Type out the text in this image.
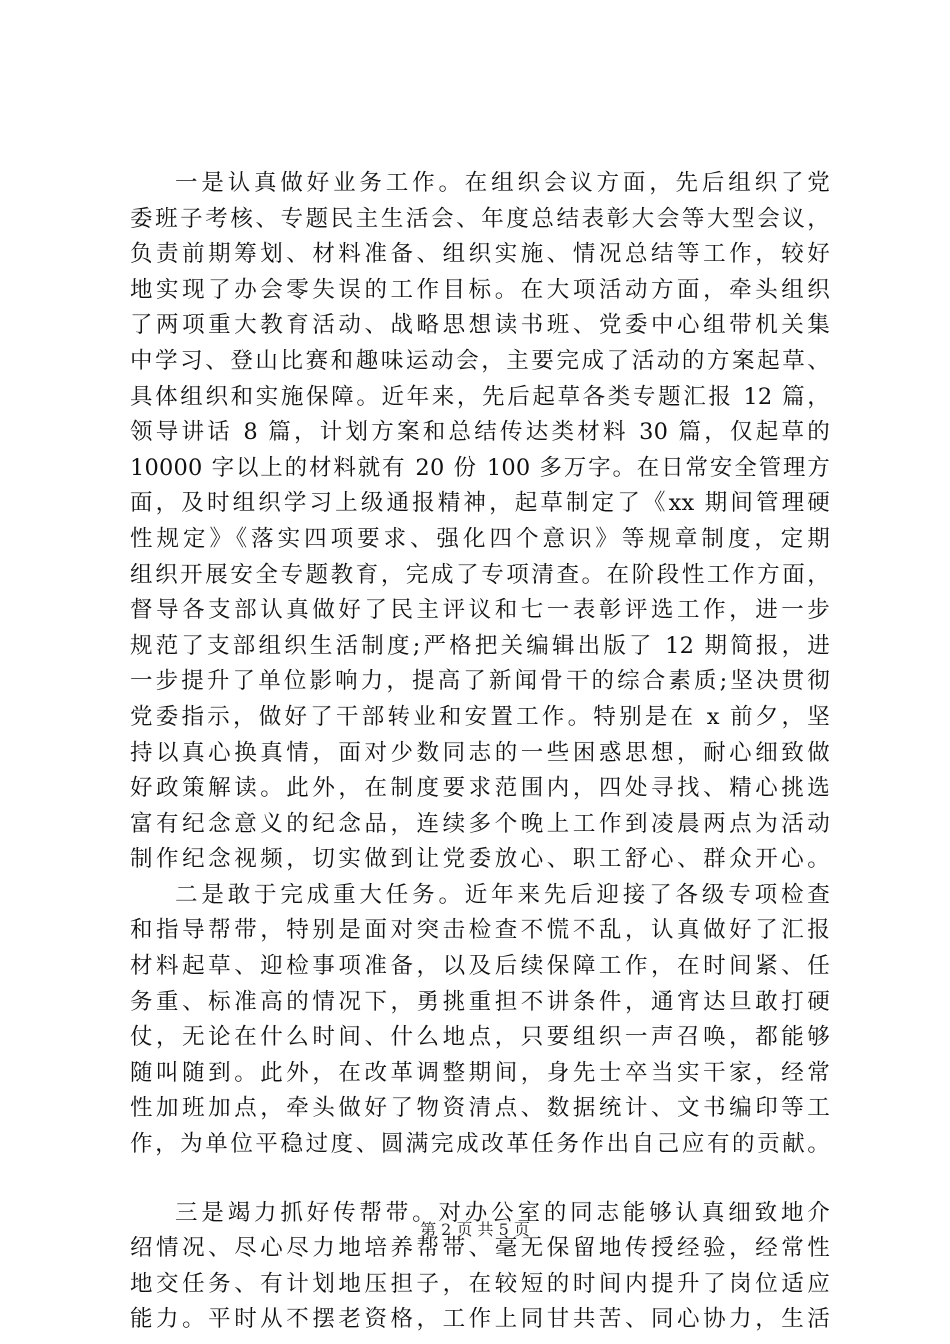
一是认真做好业务工作。在组织会议方面，先后组织了党
委班子考核、专题民主生活会、年度总结表彰大会等大型会议，
负责前期筹划、材料准备、组织实施、情况总结等工作，较好
地实现了办会零失误的工作目标。在大项活动方面，牵头组织
了两项重大教育活动、战略思想读书班、党委中心组带机关集
中学习、登山比赛和趣味运动会，主要完成了活动的方案起草、
具体组织和实施保障。近年来，先后起草各类专题汇报 12 篇，
领导讲话 8 篇，计划方案和总结传达类材料 30 篇，仅起草的
10000 字以上的材料就有 20 份 100 多万字。在日常安全管理方
面，及时组织学习上级通报精神，起草制定了《xx 期间管理硬
性规定》《落实四项要求、强化四个意识》等规章制度，定期
组织开展安全专题教育，完成了专项清查。在阶段性工作方面，
督导各支部认真做好了民主评议和七一表彰评选工作，进一步
规范了支部组织生活制度;严格把关编辑出版了 12 期简报，进
一步提升了单位影响力，提高了新闻骨干的综合素质;坚决贯彻
党委指示，做好了干部转业和安置工作。特别是在 x 前夕，坚
持以真心换真情，面对少数同志的一些困惑思想，耐心细致做
好政策解读。此外，在制度要求范围内，四处寻找、精心挑选
富有纪念意义的纪念品，连续多个晚上工作到凌晨两点为活动
制作纪念视频，切实做到让党委放心、职工舒心、群众开心。
二是敢于完成重大任务。近年来先后迎接了各级专项检查
和指导帮带，特别是面对突击检查不慌不乱，认真做好了汇报
材料起草、迎检事项准备，以及后续保障工作，在时间紧、任
务重、标准高的情况下，勇挑重担不讲条件，通宵达旦敢打硬
仗，无论在什么时间、什么地点，只要组织一声召唤，都能够
随叫随到。此外，在改革调整期间，身先士卒当实干家，经常
性加班加点，牵头做好了物资清点、数据统计、文书编印等工
作，为单位平稳过度、圆满完成改革任务作出自己应有的贡献。
三是竭力抓好传帮带。对办公室的同志能够认真细致地介
绍情况、尽心尽力地培养帮带、毫无保留地传授经验，经常性
地交任务、有计划地压担子，在较短的时间内提升了岗位适应
能力。平时从不摆老资格，工作上同甘共苦、同心协力，生活
第 2 页 共 5 页
